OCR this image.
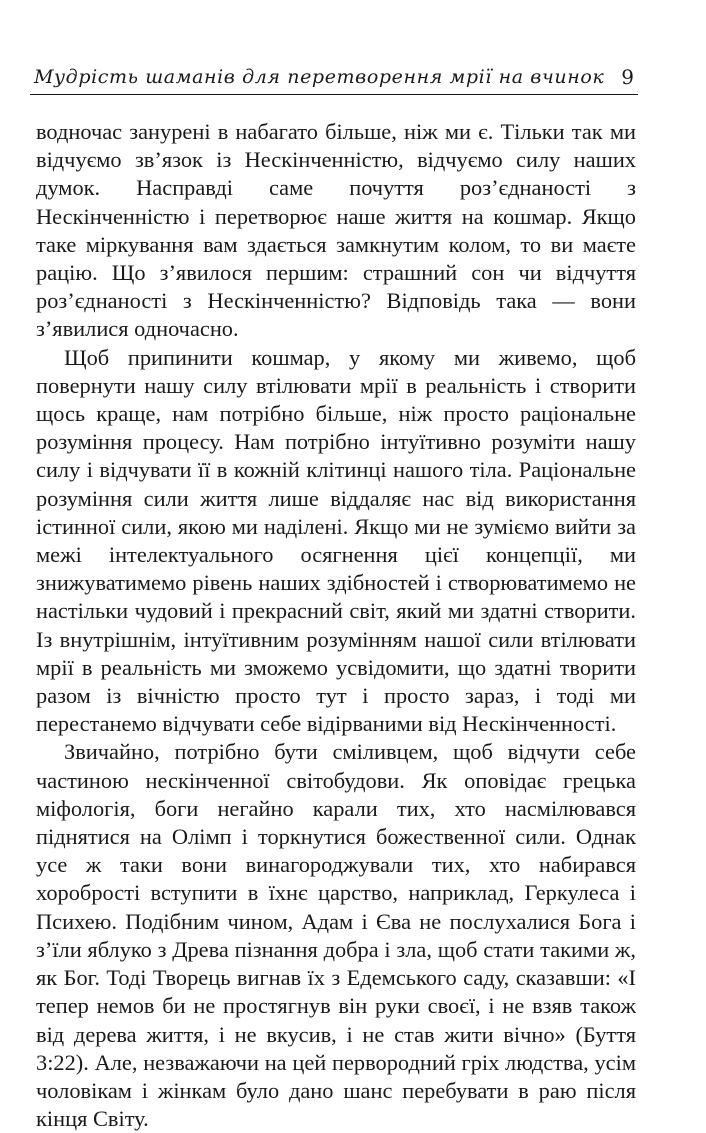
Мудрість шаманів для перетворення мрії на вчинок 9

водночас занурені в набагато більше, ніж ми є. Тільки так ми відчуємо зв’язок із Нескінченністю, відчуємо силу наших думок. Насправді саме почуття роз’єднаності з Нескінченністю і перетворює наше життя на кошмар. Якщо таке міркування вам здається замкнутим колом, то ви маєте рацію. Що з’явилося першим: страшний сон чи відчуття роз’єднаності з Нескінченністю? Відповідь така — вони з’явилися одночасно.

Щоб припинити кошмар, у якому ми живемо, щоб повернути нашу силу втілювати мрії в реальність і створити щось краще, нам потрібно більше, ніж просто раціональне розуміння процесу. Нам потрібно інтуїтивно розуміти нашу силу і відчувати її в кожній клітинці нашого тіла. Раціональне розуміння сили життя лише віддаляє нас від використання істинної сили, якою ми наділені. Якщо ми не зуміємо вийти за межі інтелектуального осягнення цієї концепції, ми знижуватимемо рівень наших здібностей і створюватимемо не настільки чудовий і прекрасний світ, який ми здатні створити. Із внутрішнім, інтуїтивним розумінням нашої сили втілювати мрії в реальність ми зможемо усвідомити, що здатні творити разом із вічністю просто тут і просто зараз, і тоді ми перестанемо відчувати себе відірваними від Нескінченності.

Звичайно, потрібно бути сміливцем, щоб відчути себе частиною нескінченної світобудови. Як оповідає грецька міфологія, боги негайно карали тих, хто насмілювався піднятися на Олімп і торкнутися божественної сили. Однак усе ж таки вони винагороджували тих, хто набирався хоробрості вступити в їхнє царство, наприклад, Геркулеса і Психею. Подібним чином, Адам і Єва не послухалися Бога і з’їли яблуко з Древа пізнання добра і зла, щоб стати такими ж, як Бог. Тоді Творець вигнав їх з Едемського саду, сказавши: «І тепер немов би не простягнув він руки своєї, і не взяв також від дерева життя, і не вкусив, і не став жити вічно» (Буття 3:22). Але, незважаючи на цей первородний гріх людства, усім чоловікам і жінкам було дано шанс перебувати в раю після кінця Світу.
